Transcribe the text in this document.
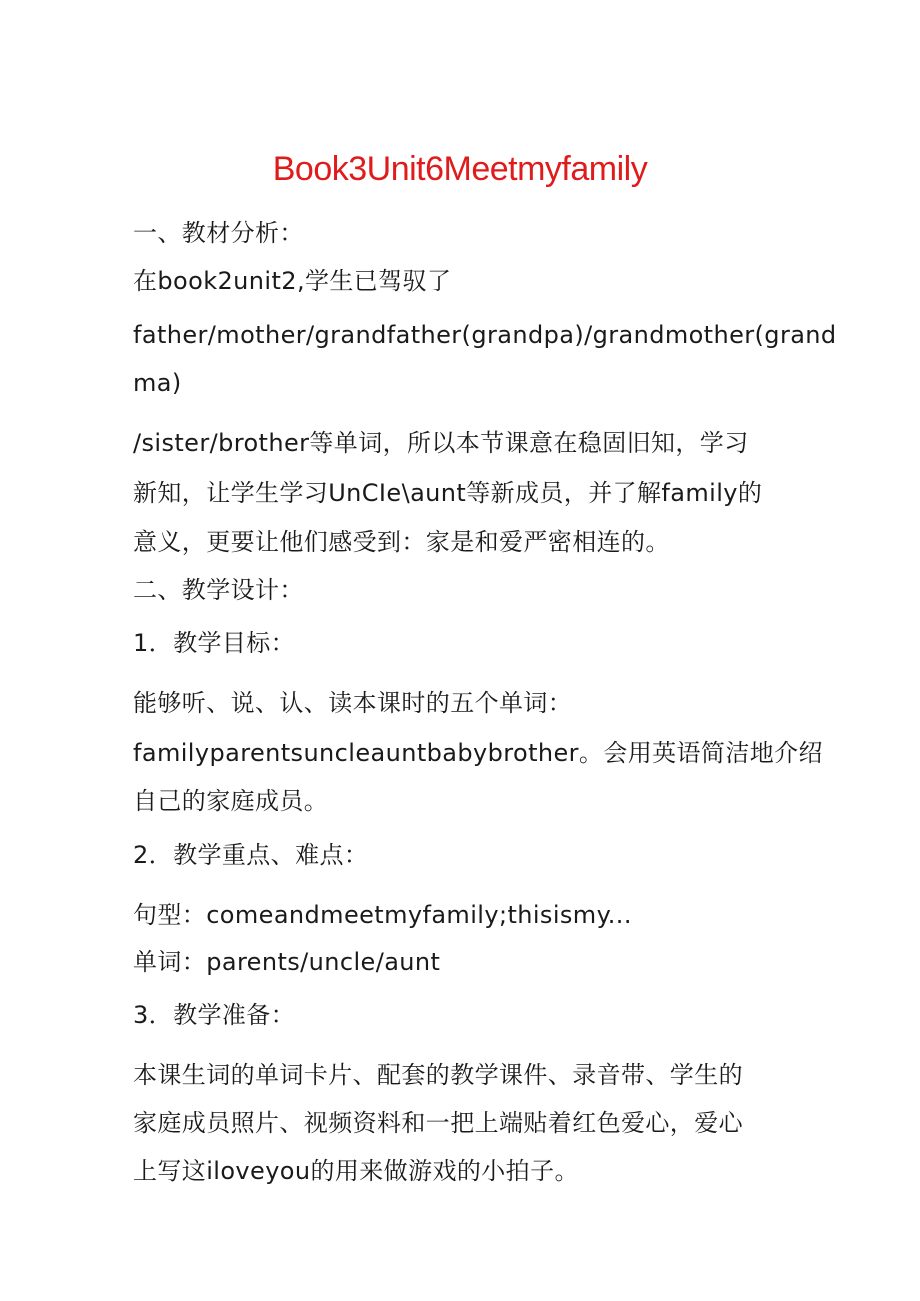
Book3Unit6Meetmyfamily
一、教材分析：
在book2unit2,学生已驾驭了
father/mother/grandfather(grandpa)/grandmother(grand
ma)
/sister/brother等单词，所以本节课意在稳固旧知，学习
新知，让学生学习UnCIe\aunt等新成员，并了解family的
意义，更要让他们感受到：家是和爱严密相连的。
二、教学设计：
1．教学目标：
能够听、说、认、读本课时的五个单词：
familyparentsuncleauntbabybrother。会用英语简洁地介绍
自己的家庭成员。
2．教学重点、难点：
句型：comeandmeetmyfamily;thisismy...
单词：parents/uncle/aunt
3．教学准备：
本课生词的单词卡片、配套的教学课件、录音带、学生的
家庭成员照片、视频资料和一把上端贴着红色爱心，爱心
上写这iloveyou的用来做游戏的小拍子。
